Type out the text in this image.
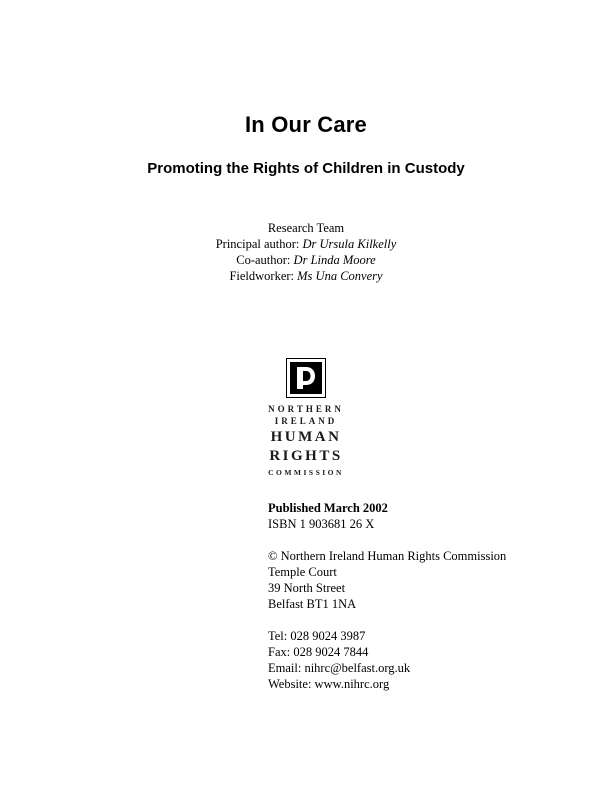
In Our Care
Promoting the Rights of Children in Custody
Research Team
Principal author: Dr Ursula Kilkelly
Co-author: Dr Linda Moore
Fieldworker: Ms Una Convery
NORTHERN
IRELAND
HUMAN
RIGHTS
COMMISSION
Published March 2002
ISBN 1 903681 26 X
© Northern Ireland Human Rights Commission
Temple Court
39 North Street
Belfast BT1 1NA
Tel: 028 9024 3987
Fax: 028 9024 7844
Email: nihrc@belfast.org.uk
Website: www.nihrc.org
